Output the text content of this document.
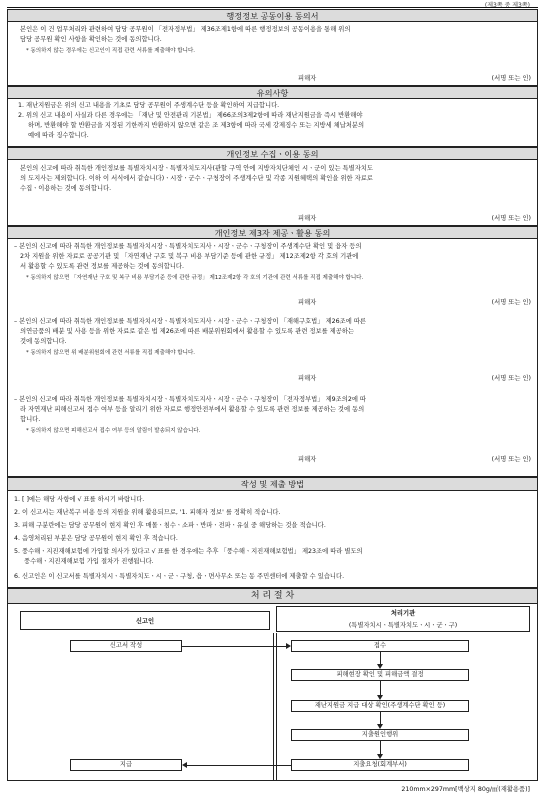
(제3쪽 중 제3쪽)
행정정보 공동이용 동의서
본인은 이 건 업무처리와 관련하여 담당 공무원이 「전자정부법」 제36조제1항에 따른 행정정보의 공동이용을 통해 위의
담당 공무원 확인 사항을 확인하는 것에 동의합니다.
* 동의하지 않는 경우에는 신고인이 직접 관련 서류를 제출해야 합니다.
피해자	(서명 또는 인)
유의사항
1. 재난지원금은 위의 신고 내용을 기초로 담당 공무원이 주생계수단 등을 확인하여 지급합니다.
2. 위의 신고 내용이 사실과 다른 경우에는 「재난 및 안전관리 기본법」 제66조의3제2항에 따라 재난지원금을 즉시 반환해야
하며, 반환해야 할 반환금을 지정된 기한까지 반환하지 않으면 같은 조 제3항에 따라 국세 강제징수 또는 지방세 체납처분의
예에 따라 징수합니다.
개인정보 수집ㆍ이용 동의
본인의 신고에 따라 취득한 개인정보를 특별자치시장ㆍ특별자치도지사(관할 구역 안에 지방자치단체인 시ㆍ군이 있는 특별자치도
의 도지사는 제외합니다. 이하 이 서식에서 같습니다)ㆍ시장ㆍ군수ㆍ구청장이 주생계수단 및 각종 지원혜택의 확인을 위한 자료로
수집ㆍ이용하는 것에 동의합니다.
피해자	(서명 또는 인)
개인정보 제3자 제공ㆍ활용 동의
– 본인의 신고에 따라 취득한 개인정보를 특별자치시장ㆍ특별자치도지사ㆍ시장ㆍ군수ㆍ구청장이 주생계수단 확인 및 융자 등의
2차 지원을 위한 자료로 공공기관 및 「자연재난 구호 및 복구 비용 부담기준 등에 관한 규정」 제12조제2항 각 호의 기관에
서 활용할 수 있도록 관련 정보를 제공하는 것에 동의합니다.
* 동의하지 않으면 「자연재난 구호 및 복구 비용 부담기준 등에 관한 규정」 제12조제2항 각 호의 기관에 관련 서류를 직접 제출해야 합니다.
피해자	(서명 또는 인)
– 본인의 신고에 따라 취득한 개인정보를 특별자치시장ㆍ특별자치도지사ㆍ시장ㆍ군수ㆍ구청장이 「재해구호법」 제26조에 따른
의연금품의 배분 및 사용 등을 위한 자료로 같은 법 제26조에 따른 배분위원회에서 활용할 수 있도록 관련 정보를 제공하는
것에 동의합니다.
* 동의하지 않으면 위 배분위원회에 관련 서류를 직접 제출해야 합니다.
피해자	(서명 또는 인)
– 본인의 신고에 따라 취득한 개인정보를 특별자치시장ㆍ특별자치도지사ㆍ시장ㆍ군수ㆍ구청장이 「전자정부법」 제9조의2에 따
라 자연재난 피해신고서 접수 여부 등을 알리기 위한 자료로 행정안전부에서 활용할 수 있도록 관련 정보를 제공하는 것에 동의
합니다.
* 동의하지 않으면 피해신고서 접수 여부 등의 알림이 발송되지 않습니다.
피해자	(서명 또는 인)
작성 및 제출 방법
1. [ ]에는 해당 사항에 √ 표를 하시기 바랍니다.
2. 이 신고서는 재난복구 비용 등의 지원을 위해 활용되므로, '1. 피해자 정보' 를 정확히 적습니다.
3. 피해 구분란에는 담당 공무원이 현지 확인 후 매몰ㆍ침수ㆍ소파ㆍ반파ㆍ전파ㆍ유실 중 해당하는 것을 적습니다.
4. 음영처리된 부분은 담당 공무원이 현지 확인 후 적습니다.
5. 풍수해ㆍ지진재해보험에 가입할 의사가 있다고 √ 표를 한 경우에는 추후 「풍수해ㆍ지진재해보험법」 제23조에 따라 별도의
풍수해ㆍ지진재해보험 가입 절차가 진행됩니다.
6. 신고인은 이 신고서를 특별자치시ㆍ특별자치도ㆍ시ㆍ군ㆍ구청, 읍ㆍ면사무소 또는 동 주민센터에 제출할 수 있습니다.
처 리 절 차
신고인
처리기관
(특별자치시ㆍ특별자치도ㆍ시ㆍ군ㆍ구)
신고서 작성
지급
접수
피해현장 확인 및 피해금액 결정
재난지원금 지급 대상 확인(주생계수단 확인 등)
지출원인행위
지출요청(회계부서)
210mm×297mm[백상지 80g/㎡(재활용품)]
